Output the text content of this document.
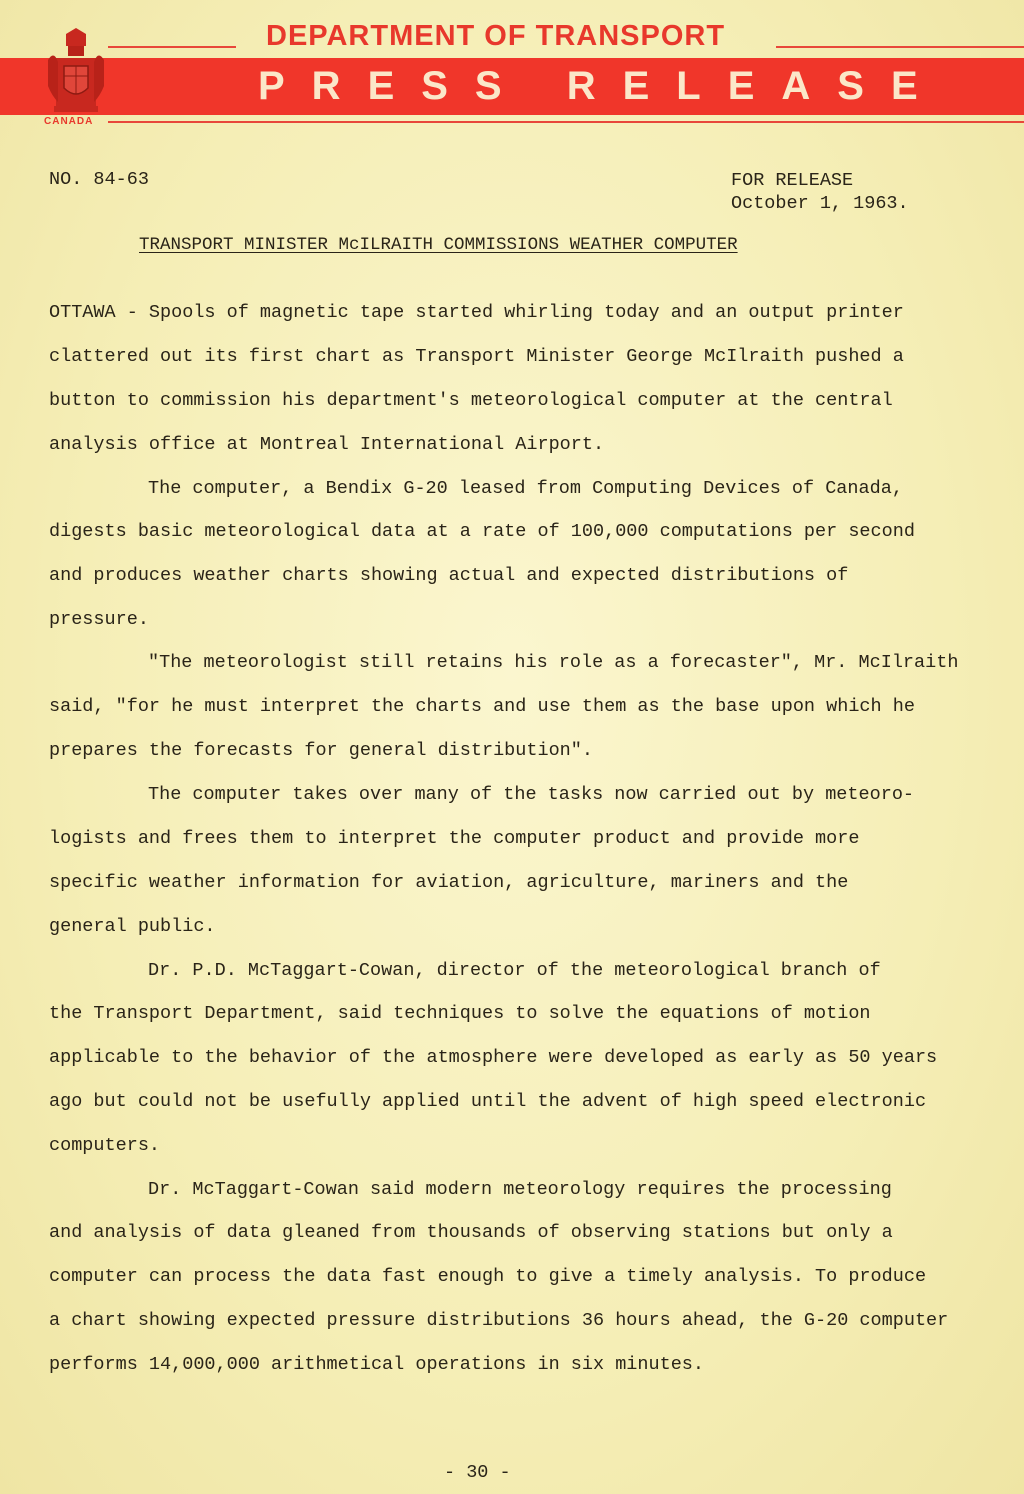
DEPARTMENT OF TRANSPORT
PRESS RELEASE
CANADA
NO. 84-63	FOR RELEASE
October 1, 1963.
TRANSPORT MINISTER McILRAITH COMMISSIONS WEATHER COMPUTER
OTTAWA - Spools of magnetic tape started whirling today and an output printer
clattered out its first chart as Transport Minister George McIlraith pushed a
button to commission his department's meteorological computer at the central
analysis office at Montreal International Airport.
The computer, a Bendix G-20 leased from Computing Devices of Canada,
digests basic meteorological data at a rate of 100,000 computations per second
and produces weather charts showing actual and expected distributions of
pressure.
"The meteorologist still retains his role as a forecaster", Mr. McIlraith
said, "for he must interpret the charts and use them as the base upon which he
prepares the forecasts for general distribution".
The computer takes over many of the tasks now carried out by meteoro-
logists and frees them to interpret the computer product and provide more
specific weather information for aviation, agriculture, mariners and the
general public.
Dr. P.D. McTaggart-Cowan, director of the meteorological branch of
the Transport Department, said techniques to solve the equations of motion
applicable to the behavior of the atmosphere were developed as early as 50 years
ago but could not be usefully applied until the advent of high speed electronic
computers.
Dr. McTaggart-Cowan said modern meteorology requires the processing
and analysis of data gleaned from thousands of observing stations but only a
computer can process the data fast enough to give a timely analysis. To produce
a chart showing expected pressure distributions 36 hours ahead, the G-20 computer
performs 14,000,000 arithmetical operations in six minutes.
- 30 -
